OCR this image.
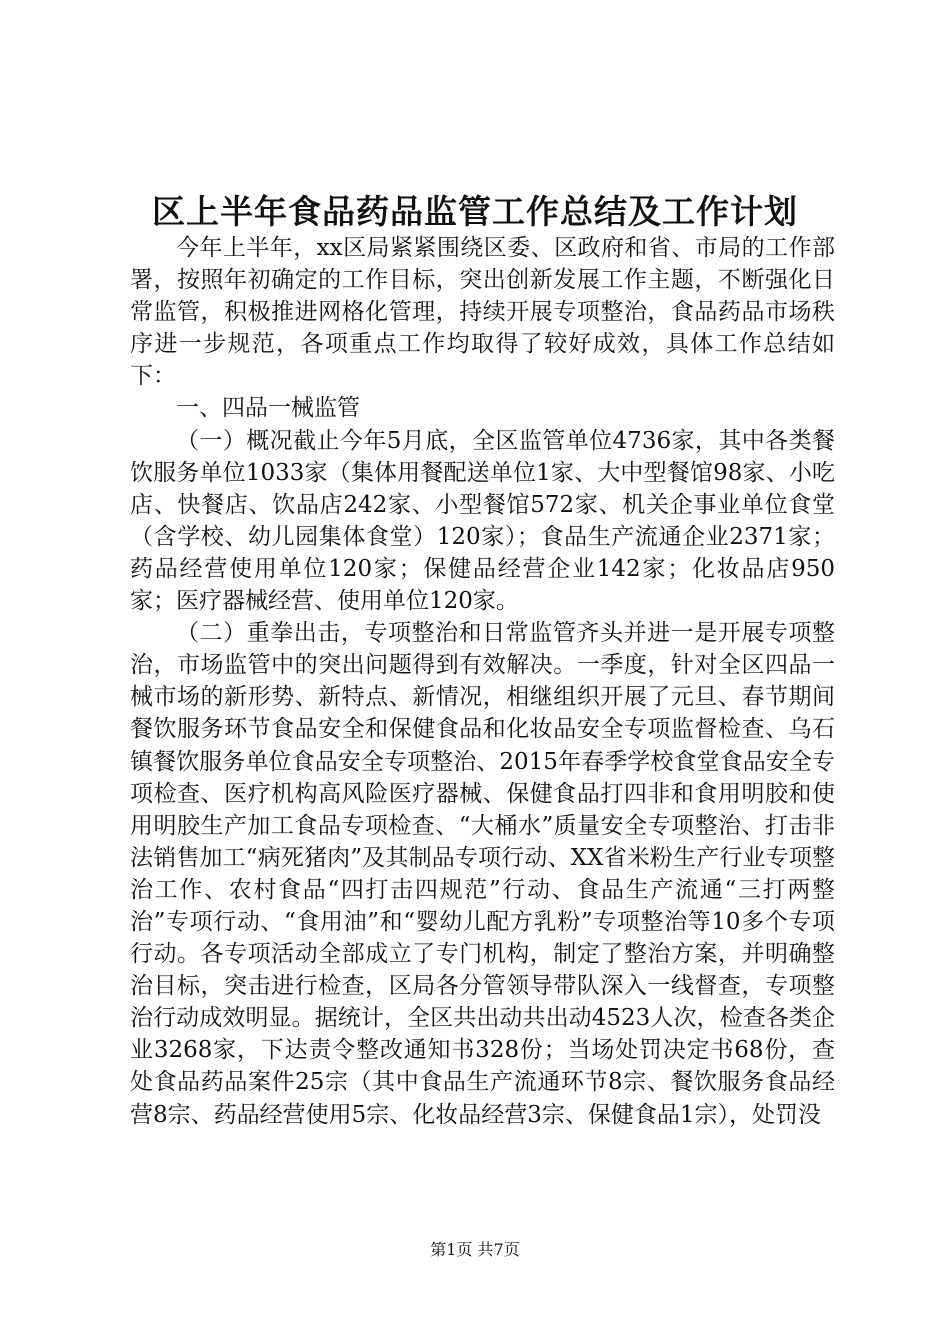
区上半年食品药品监管工作总结及工作计划

今年上半年，xx区局紧紧围绕区委、区政府和省、市局的工作部署，按照年初确定的工作目标，突出创新发展工作主题，不断强化日常监管，积极推进网格化管理，持续开展专项整治，食品药品市场秩序进一步规范，各项重点工作均取得了较好成效，具体工作总结如下：

一、四品一械监管

（一）概况截止今年5月底，全区监管单位4736家，其中各类餐饮服务单位1033家（集体用餐配送单位1家、大中型餐馆98家、小吃店、快餐店、饮品店242家、小型餐馆572家、机关企事业单位食堂（含学校、幼儿园集体食堂）120家）；食品生产流通企业2371家；药品经营使用单位120家；保健品经营企业142家；化妆品店950家；医疗器械经营、使用单位120家。

（二）重拳出击，专项整治和日常监管齐头并进一是开展专项整治，市场监管中的突出问题得到有效解决。一季度，针对全区四品一械市场的新形势、新特点、新情况，相继组织开展了元旦、春节期间餐饮服务环节食品安全和保健食品和化妆品安全专项监督检查、乌石镇餐饮服务单位食品安全专项整治、2015年春季学校食堂食品安全专项检查、医疗机构高风险医疗器械、保健食品打四非和食用明胶和使用明胶生产加工食品专项检查、“大桶水”质量安全专项整治、打击非法销售加工“病死猪肉”及其制品专项行动、XX省米粉生产行业专项整治工作、农村食品“四打击四规范”行动、食品生产流通“三打两整治”专项行动、“食用油”和“婴幼儿配方乳粉”专项整治等10多个专项行动。各专项活动全部成立了专门机构，制定了整治方案，并明确整治目标，突击进行检查，区局各分管领导带队深入一线督查，专项整治行动成效明显。据统计，全区共出动共出动4523人次，检查各类企业3268家，下达责令整改通知书328份；当场处罚决定书68份，查处食品药品案件25宗（其中食品生产流通环节8宗、餐饮服务食品经营8宗、药品经营使用5宗、化妆品经营3宗、保健食品1宗），处罚没

第1页 共7页
